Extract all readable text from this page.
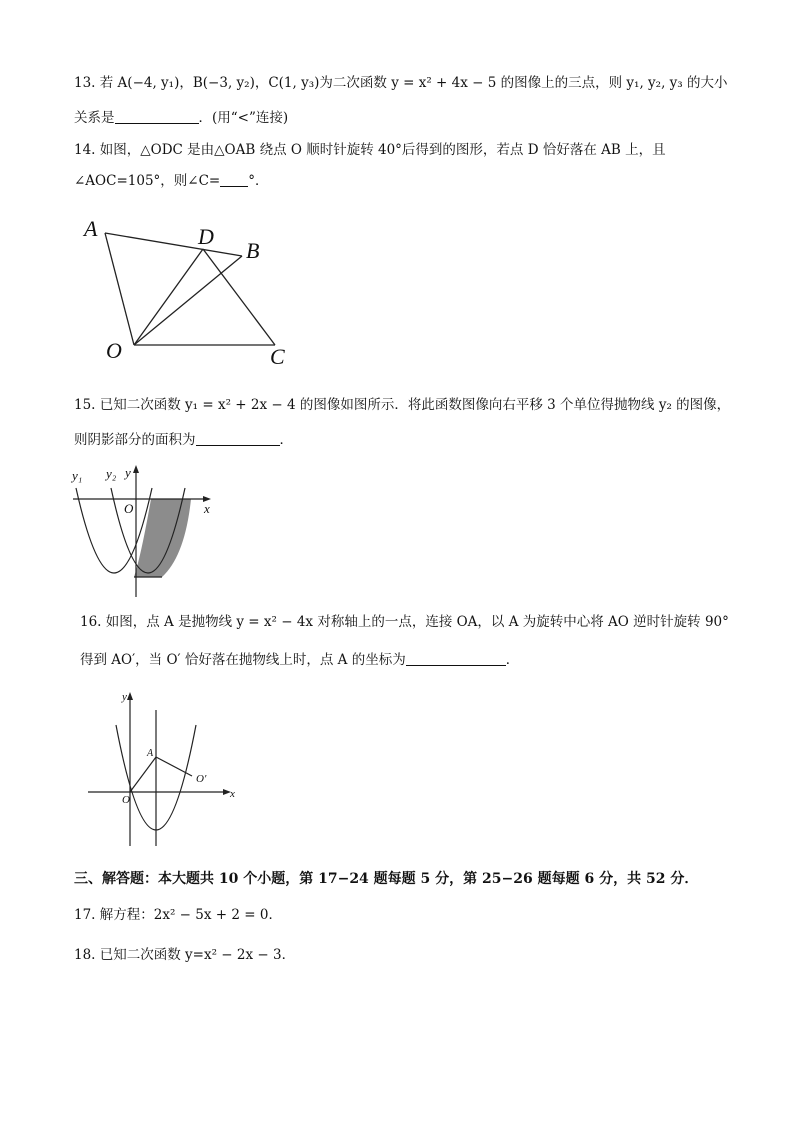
13. 若 A(−4, y₁)，B(−3, y₂)，C(1, y₃)为二次函数 y = x² + 4x − 5 的图像上的三点，则 y₁, y₂, y₃ 的大小
关系是	．(用“<”连接)
14. 如图，△ODC 是由△OAB 绕点 O 顺时针旋转 40°后得到的图形，若点 D 恰好落在 AB 上，且
∠AOC=105°，则∠C= °．
A	D
B
O	C
15. 已知二次函数 y₁ = x² + 2x − 4 的图像如图所示．将此函数图像向右平移 3 个单位得抛物线 y₂ 的图像，
则阴影部分的面积为	．
y₁ y₂ y
O	x
16. 如图，点 A 是抛物线 y = x² − 4x 对称轴上的一点，连接 OA，以 A 为旋转中心将 AO 逆时针旋转 90°
得到 AO′，当 O′ 恰好落在抛物线上时，点 A 的坐标为	．
y
x
A
O
O′
三、解答题：本大题共 10 个小题，第 17−24 题每题 5 分，第 25−26 题每题 6 分，共 52 分．
17. 解方程：2x² − 5x + 2 = 0．
18. 已知二次函数 y=x² − 2x − 3．
